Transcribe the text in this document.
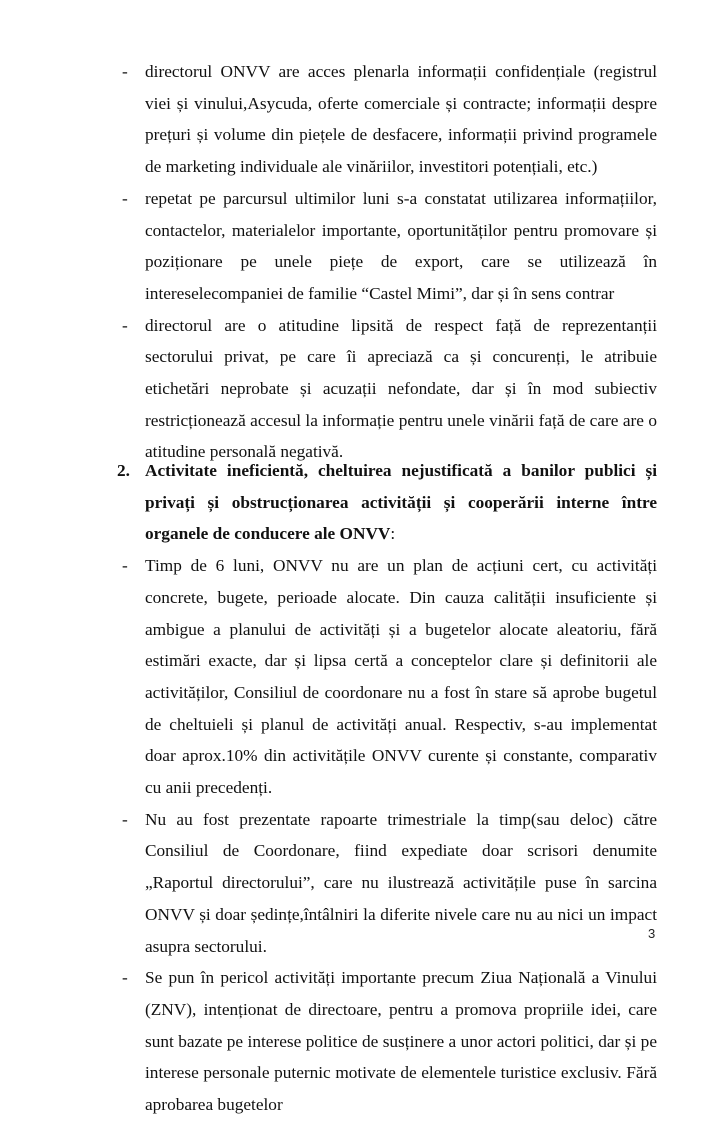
- directorul ONVV are acces plenarla informații confidențiale (registrul viei și vinului,Asycuda, oferte comerciale și contracte; informații despre prețuri și volume din piețele de desfacere, informații privind programele de marketing individuale ale vinăriilor, investitori potențiali, etc.)
- repetat pe parcursul ultimilor luni s-a constatat utilizarea informațiilor, contactelor, materialelor importante, oportunităților pentru promovare și poziționare pe unele piețe de export, care se utilizează în intereselecompaniei de familie “Castel Mimi”, dar și în sens contrar
- directorul are o atitudine lipsită de respect față de reprezentanții sectorului privat, pe care îi apreciază ca și concurenți, le atribuie etichetări neprobate și acuzații nefondate, dar și în mod subiectiv restricționează accesul la informație pentru unele vinării față de care are o atitudine personală negativă.
2. Activitate ineficientă, cheltuirea nejustificată a banilor publici și privați și obstrucționarea activității și cooperării interne între organele de conducere ale ONVV:
- Timp de 6 luni, ONVV nu are un plan de acțiuni cert, cu activități concrete, bugete, perioade alocate. Din cauza calității insuficiente și ambigue a planului de activități și a bugetelor alocate aleatoriu, fără estimări exacte, dar și lipsa certă a conceptelor clare și definitorii ale activităților, Consiliul de coordonare nu a fost în stare să aprobe bugetul de cheltuieli și planul de activități anual. Respectiv, s-au implementat doar aprox.10% din activitățile ONVV curente și constante, comparativ cu anii precedenți.
- Nu au fost prezentate rapoarte trimestriale la timp(sau deloc) către Consiliul de Coordonare, fiind expediate doar scrisori denumite „Raportul directorului”, care nu ilustrează activitățile puse în sarcina ONVV și doar ședințe,întâlniri la diferite nivele care nu au nici un impact asupra sectorului.
- Se pun în pericol activități importante precum Ziua Națională a Vinului (ZNV), intenționat de directoare, pentru a promova propriile idei, care sunt bazate pe interese politice de susținere a unor actori politici, dar și pe interese personale puternic motivate de elementele turistice exclusiv. Fără aprobarea bugetelor
3
